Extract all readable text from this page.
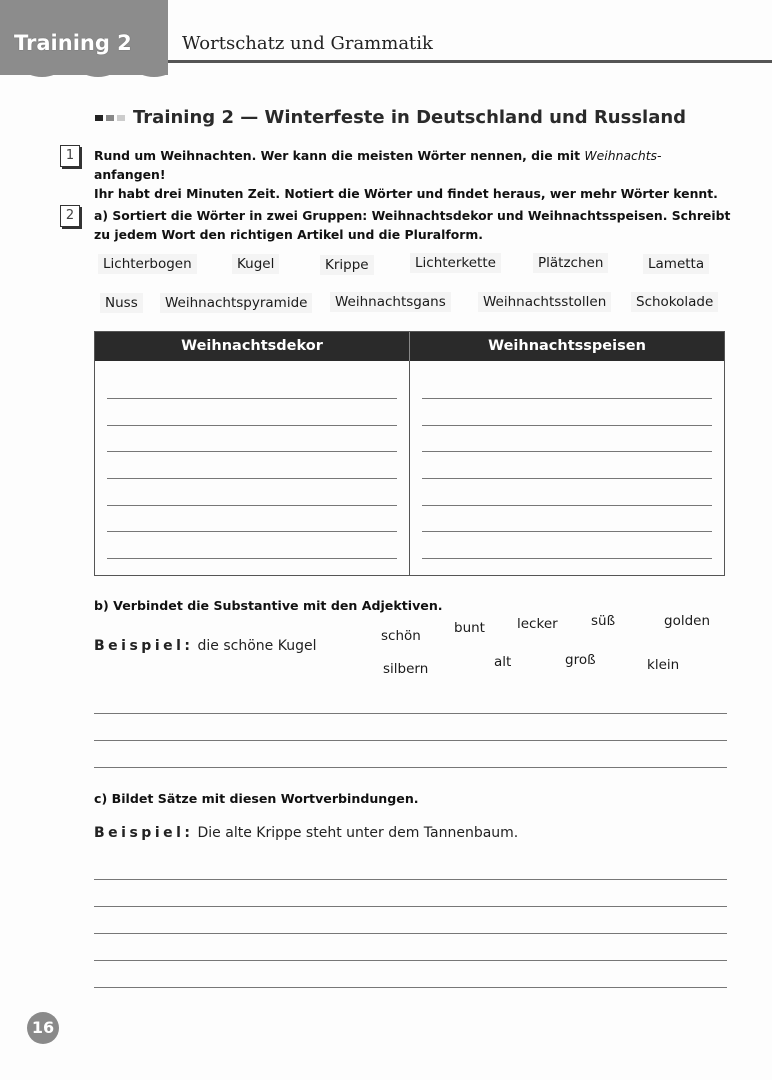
Training 2	Wortschatz und Grammatik
Training 2 — Winterfeste in Deutschland und Russland
1	Rund um Weihnachten. Wer kann die meisten Wörter nennen, die mit Weihnachts- anfangen!
Ihr habt drei Minuten Zeit. Notiert die Wörter und findet heraus, wer mehr Wörter kennt.
2	a) Sortiert die Wörter in zwei Gruppen: Weihnachtsdekor und Weihnachtsspeisen. Schreibt
zu jedem Wort den richtigen Artikel und die Pluralform.
Lichterbogen	Kugel	Krippe	Lichterkette	Plätzchen	Lametta
Nuss	Weihnachtspyramide	Weihnachtsgans	Weihnachtsstollen	Schokolade
Weihnachtsdekor	Weihnachtsspeisen
b) Verbindet die Substantive mit den Adjektiven.
Beispiel: die schöne Kugel
schön bunt lecker süß	golden
silbern	alt	groß	klein
c) Bildet Sätze mit diesen Wortverbindungen.
Beispiel: Die alte Krippe steht unter dem Tannenbaum.
16
